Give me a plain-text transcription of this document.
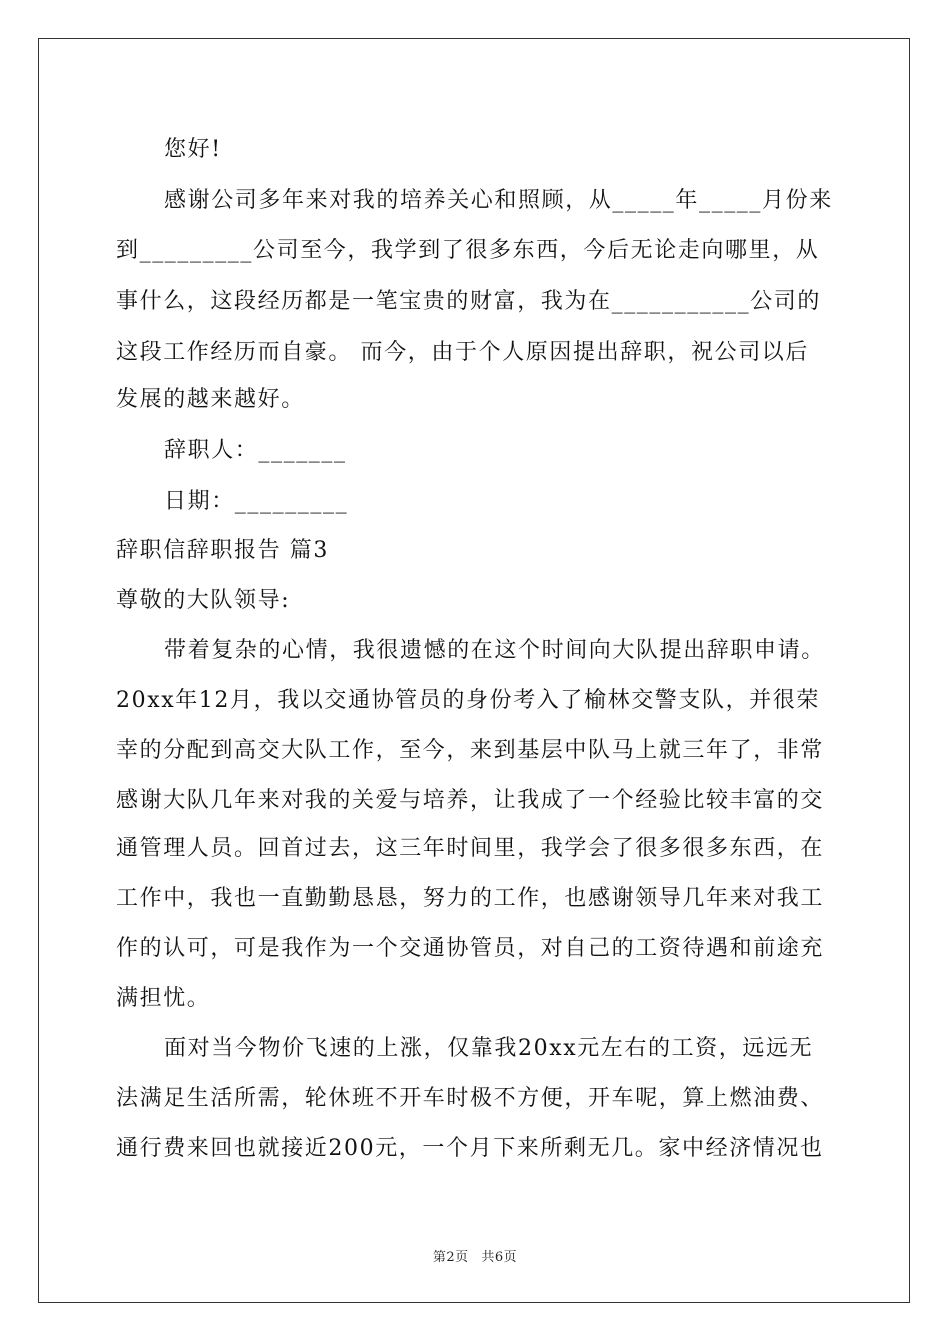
您好!
感谢公司多年来对我的培养关心和照顾，从_____年_____月份来
到_________公司至今，我学到了很多东西，今后无论走向哪里，从
事什么，这段经历都是一笔宝贵的财富，我为在___________公司的
这段工作经历而自豪。 而今，由于个人原因提出辞职，祝公司以后
发展的越来越好。
辞职人：_______
日期：_________
辞职信辞职报告 篇3
尊敬的大队领导:
带着复杂的心情，我很遗憾的在这个时间向大队提出辞职申请。
20xx年12月，我以交通协管员的身份考入了榆林交警支队，并很荣
幸的分配到高交大队工作，至今，来到基层中队马上就三年了，非常
感谢大队几年来对我的关爱与培养，让我成了一个经验比较丰富的交
通管理人员。回首过去，这三年时间里，我学会了很多很多东西，在
工作中，我也一直勤勤恳恳，努力的工作，也感谢领导几年来对我工
作的认可，可是我作为一个交通协管员，对自己的工资待遇和前途充
满担忧。
面对当今物价飞速的上涨，仅靠我20xx元左右的工资，远远无
法满足生活所需，轮休班不开车时极不方便，开车呢，算上燃油费、
通行费来回也就接近200元，一个月下来所剩无几。家中经济情况也
第2页 共6页
